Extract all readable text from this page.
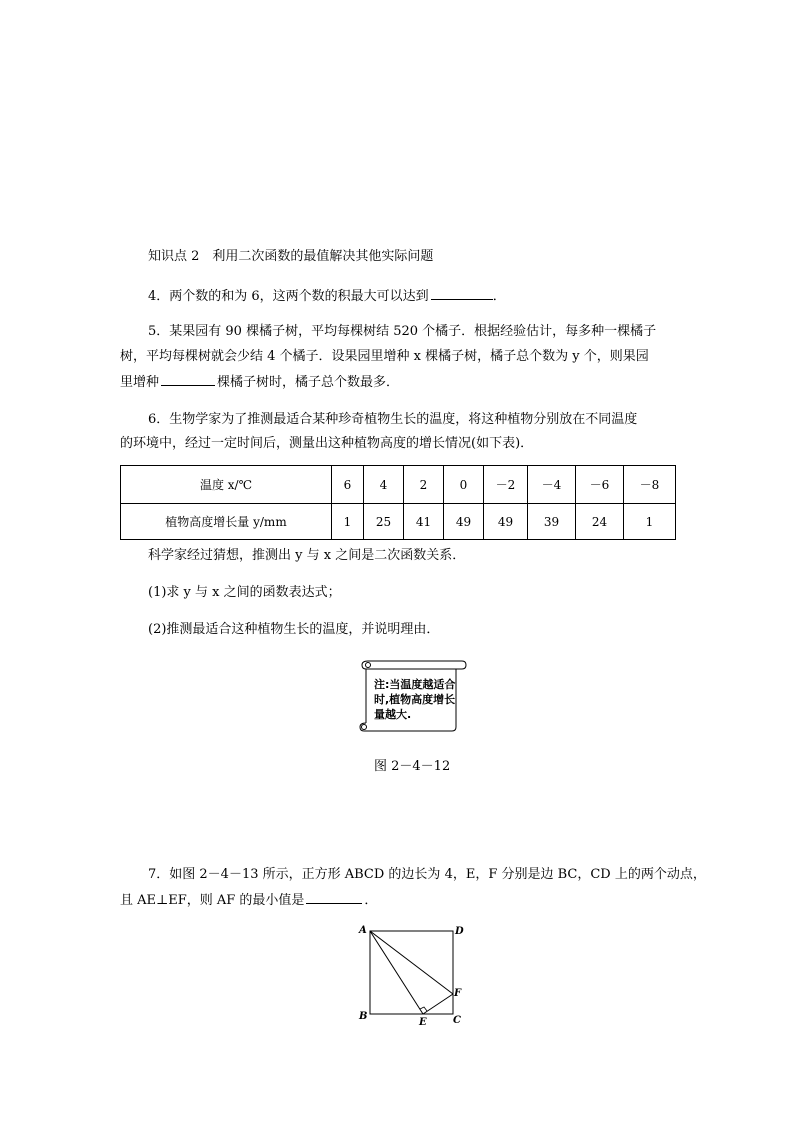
知识点 2　利用二次函数的最值解决其他实际问题
4．两个数的和为 6，这两个数的积最大可以达到	．
5．某果园有 90 棵橘子树，平均每棵树结 520 个橘子．根据经验估计，每多种一棵橘子
树，平均每棵树就会少结 4 个橘子．设果园里增种 x 棵橘子树，橘子总个数为 y 个，则果园
里增种	棵橘子树时，橘子总个数最多．
6．生物学家为了推测最适合某种珍奇植物生长的温度，将这种植物分别放在不同温度
的环境中，经过一定时间后，测量出这种植物高度的增长情况(如下表)．
温度 x/℃	6	4	2	0	－2	－4	－6	－8
植物高度增长量 y/mm	1	25	41	49	49	39	24	1
科学家经过猜想，推测出 y 与 x 之间是二次函数关系．
(1)求 y 与 x 之间的函数表达式；
(2)推测最适合这种植物生长的温度，并说明理由．
注:当温度越适合时,植物高度增长量越大.
图 2－4－12
7．如图 2－4－13 所示，正方形 ABCD 的边长为 4，E，F 分别是边 BC，CD 上的两个动点，
且 AE⊥EF，则 AF 的最小值是	．
A	D
F
B
E	C
